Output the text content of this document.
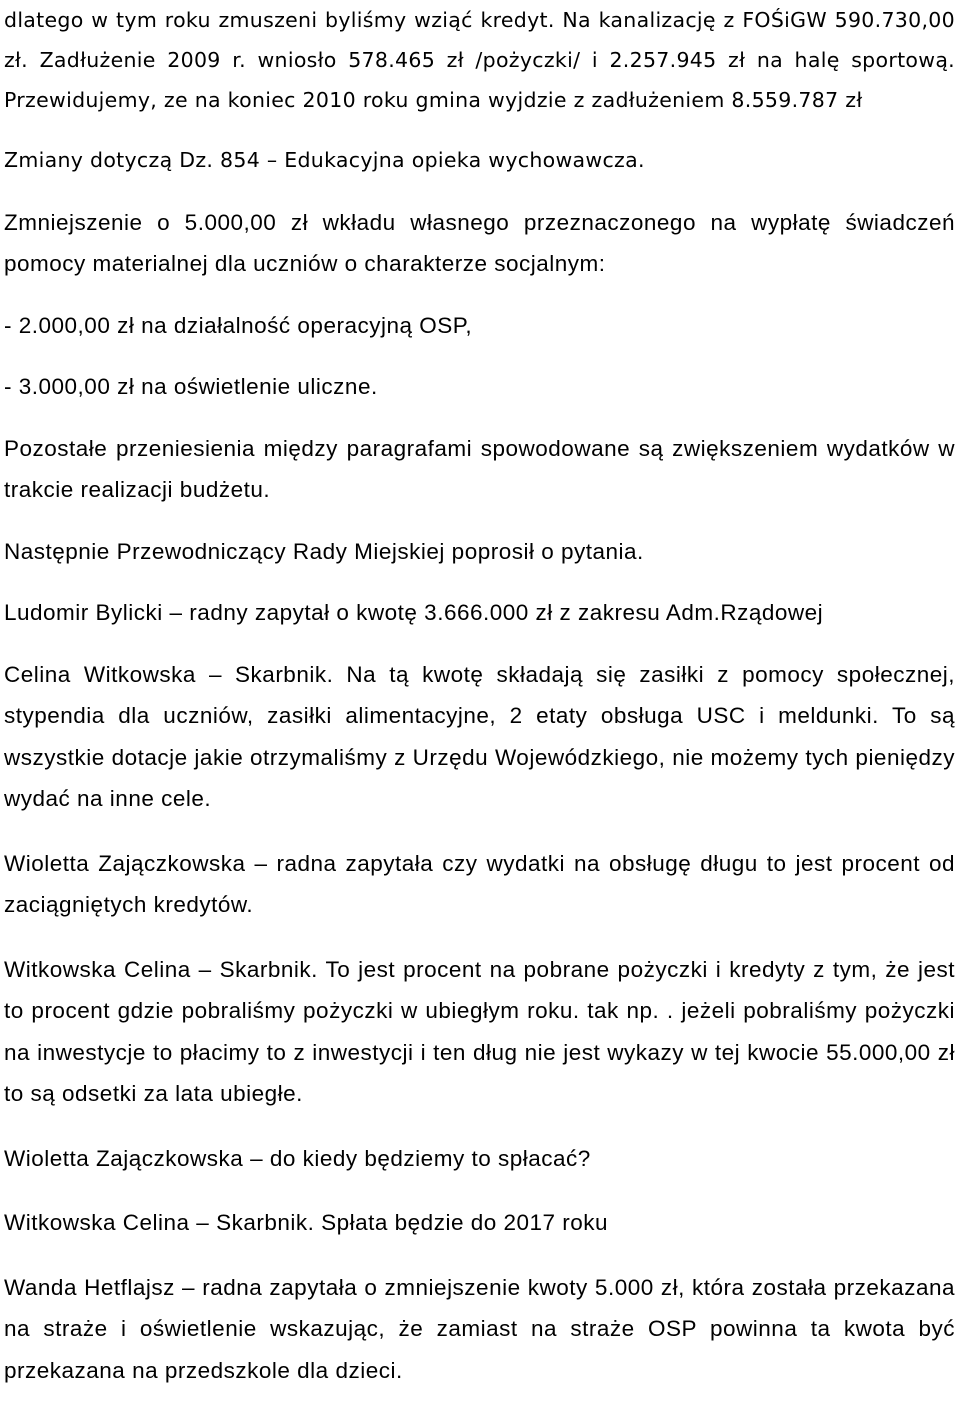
dlatego w tym roku zmuszeni byliśmy wziąć kredyt. Na kanalizację z FOŚiGW 590.730,00 zł. Zadłużenie 2009 r. wniosło 578.465 zł /pożyczki/ i 2.257.945 zł na halę sportową. Przewidujemy, ze na koniec 2010 roku gmina wyjdzie z zadłużeniem 8.559.787 zł

Zmiany dotyczą Dz. 854 – Edukacyjna opieka wychowawcza.

Zmniejszenie o 5.000,00 zł wkładu własnego przeznaczonego na wypłatę świadczeń pomocy materialnej dla uczniów o charakterze socjalnym:

- 2.000,00 zł na działalność operacyjną OSP,

- 3.000,00 zł na oświetlenie uliczne.

Pozostałe przeniesienia między paragrafami spowodowane są zwiększeniem wydatków w trakcie realizacji budżetu.

Następnie Przewodniczący Rady Miejskiej poprosił o pytania.

Ludomir Bylicki – radny zapytał o kwotę 3.666.000 zł z zakresu Adm.Rządowej

Celina Witkowska – Skarbnik. Na tą kwotę składają się zasiłki z pomocy społecznej, stypendia dla uczniów, zasiłki alimentacyjne, 2 etaty obsługa USC i meldunki. To są wszystkie dotacje jakie otrzymaliśmy z Urzędu Wojewódzkiego, nie możemy tych pieniędzy wydać na inne cele.

Wioletta Zajączkowska – radna zapytała czy wydatki na obsługę długu to jest procent od zaciągniętych kredytów.

Witkowska Celina – Skarbnik. To jest procent na pobrane pożyczki i kredyty z tym, że jest to procent gdzie pobraliśmy pożyczki w ubiegłym roku. tak np. . jeżeli pobraliśmy pożyczki na inwestycje to płacimy to z inwestycji i ten dług nie jest wykazy w tej kwocie 55.000,00 zł to są odsetki za lata ubiegłe.

Wioletta Zajączkowska – do kiedy będziemy to spłacać?

Witkowska Celina – Skarbnik. Spłata będzie do 2017 roku

Wanda Hetflajsz – radna zapytała o zmniejszenie kwoty 5.000 zł, która została przekazana na straże i oświetlenie wskazując, że zamiast na straże OSP powinna ta kwota być przekazana na przedszkole dla dzieci.
